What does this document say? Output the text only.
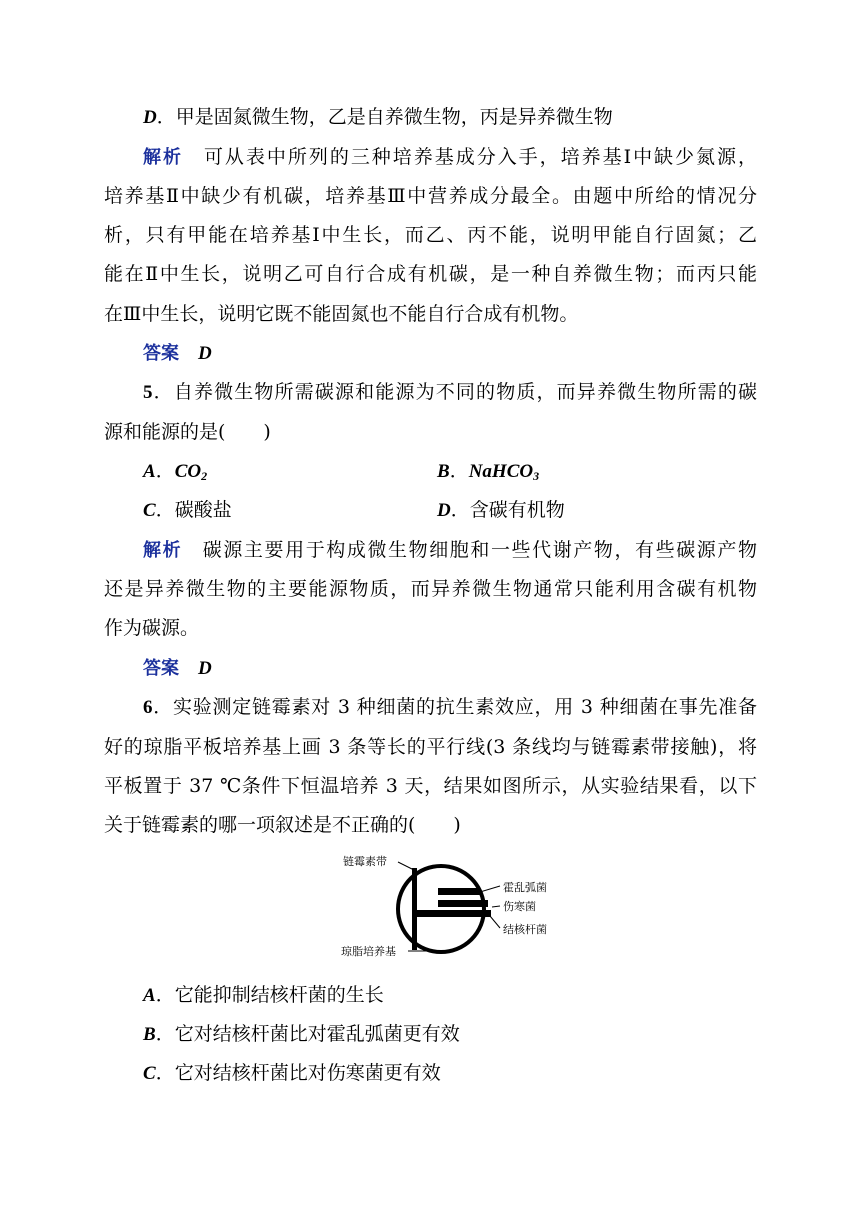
D．甲是固氮微生物，乙是自养微生物，丙是异养微生物
解析　 可从表中所列的三种培养基成分入手，培养基Ⅰ中缺少氮源，
培养基Ⅱ中缺少有机碳，培养基Ⅲ中营养成分最全。由题中所给的情况分
析，只有甲能在培养基Ⅰ中生长，而乙、丙不能，说明甲能自行固氮；乙
能在Ⅱ中生长，说明乙可自行合成有机碳，是一种自养微生物；而丙只能
在Ⅲ中生长，说明它既不能固氮也不能自行合成有机物。
答案　 D
5．自养微生物所需碳源和能源为不同的物质，而异养微生物所需的碳
源和能源的是(　　)
A．$CO_2$	B．NaHCO$_3$
C．碳酸盐	D．含碳有机物
解析　 碳源主要用于构成微生物细胞和一些代谢产物，有些碳源产物
还是异养微生物的主要能源物质，而异养微生物通常只能利用含碳有机物
作为碳源。
答案　 D
6．实验测定链霉素对 3 种细菌的抗生素效应，用 3 种细菌在事先准备
好的琼脂平板培养基上画 3 条等长的平行线(3 条线均与链霉素带接触)，将
平板置于 37 ℃条件下恒温培养 3 天，结果如图所示，从实验结果看，以下
关于链霉素的哪一项叙述是不正确的(　　)
链霉素带
琼脂培养基
霍乱弧菌
伤寒菌
结核杆菌
A．它能抑制结核杆菌的生长
B．它对结核杆菌比对霍乱弧菌更有效
C．它对结核杆菌比对伤寒菌更有效
